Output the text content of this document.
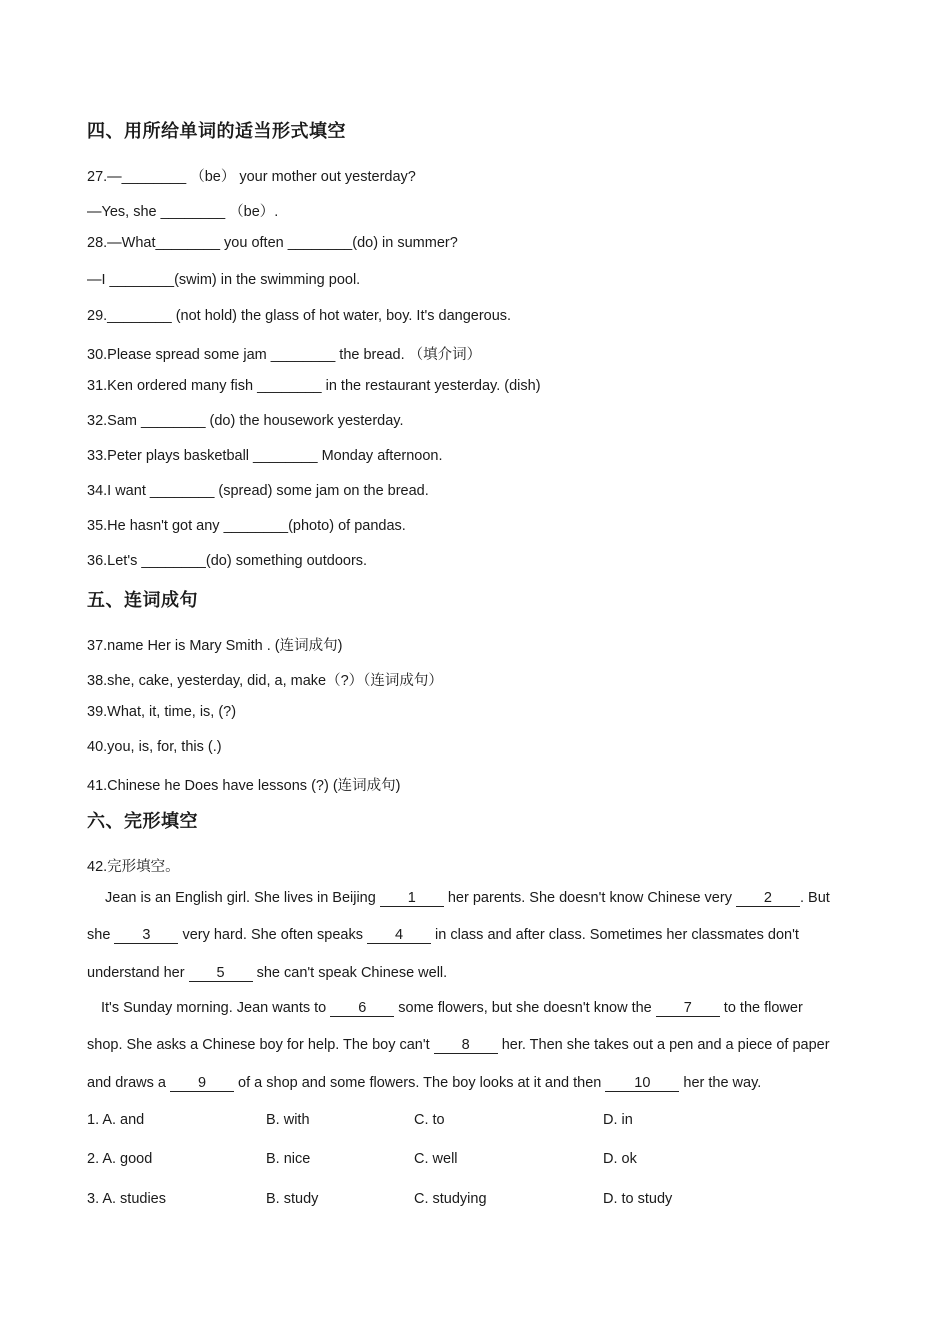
四、用所给单词的适当形式填空
27.—________ （be） your mother out yesterday?
—Yes, she ________ （be）.
28.—What________ you often ________(do) in summer?
—I ________(swim) in the swimming pool.
29.________ (not hold) the glass of hot water, boy. It's dangerous.
30.Please spread some jam ________ the bread. （填介词）
31.Ken ordered many fish ________ in the restaurant yesterday. (dish)
32.Sam ________ (do) the housework yesterday.
33.Peter plays basketball ________ Monday afternoon.
34.I want ________ (spread) some jam on the bread.
35.He hasn't got any ________(photo) of pandas.
36.Let's ________(do) something outdoors.
五、连词成句
37.name Her is Mary Smith . (连词成句)
38.she, cake, yesterday, did, a, make（?）（连词成句）
39.What, it, time, is, (?)
40.you, is, for, this (.)
41.Chinese he Does have lessons (?) (连词成句)
六、完形填空
42.完形填空。
Jean is an English girl. She lives in Beijing 1 her parents. She doesn't know Chinese very 2 . But
she 3 very hard. She often speaks 4 in class and after class. Sometimes her classmates don't
understand her 5 she can't speak Chinese well.
It's Sunday morning. Jean wants to 6 some flowers, but she doesn't know the 7 to the flower
shop. She asks a Chinese boy for help. The boy can't 8 her. Then she takes out a pen and a piece of paper
and draws a 9 of a shop and some flowers. The boy looks at it and then 10 her the way.
1. A. and	B. with	C. to	D. in
2. A. good	B. nice	C. well	D. ok
3. A. studies	B. study	C. studying	D. to study
